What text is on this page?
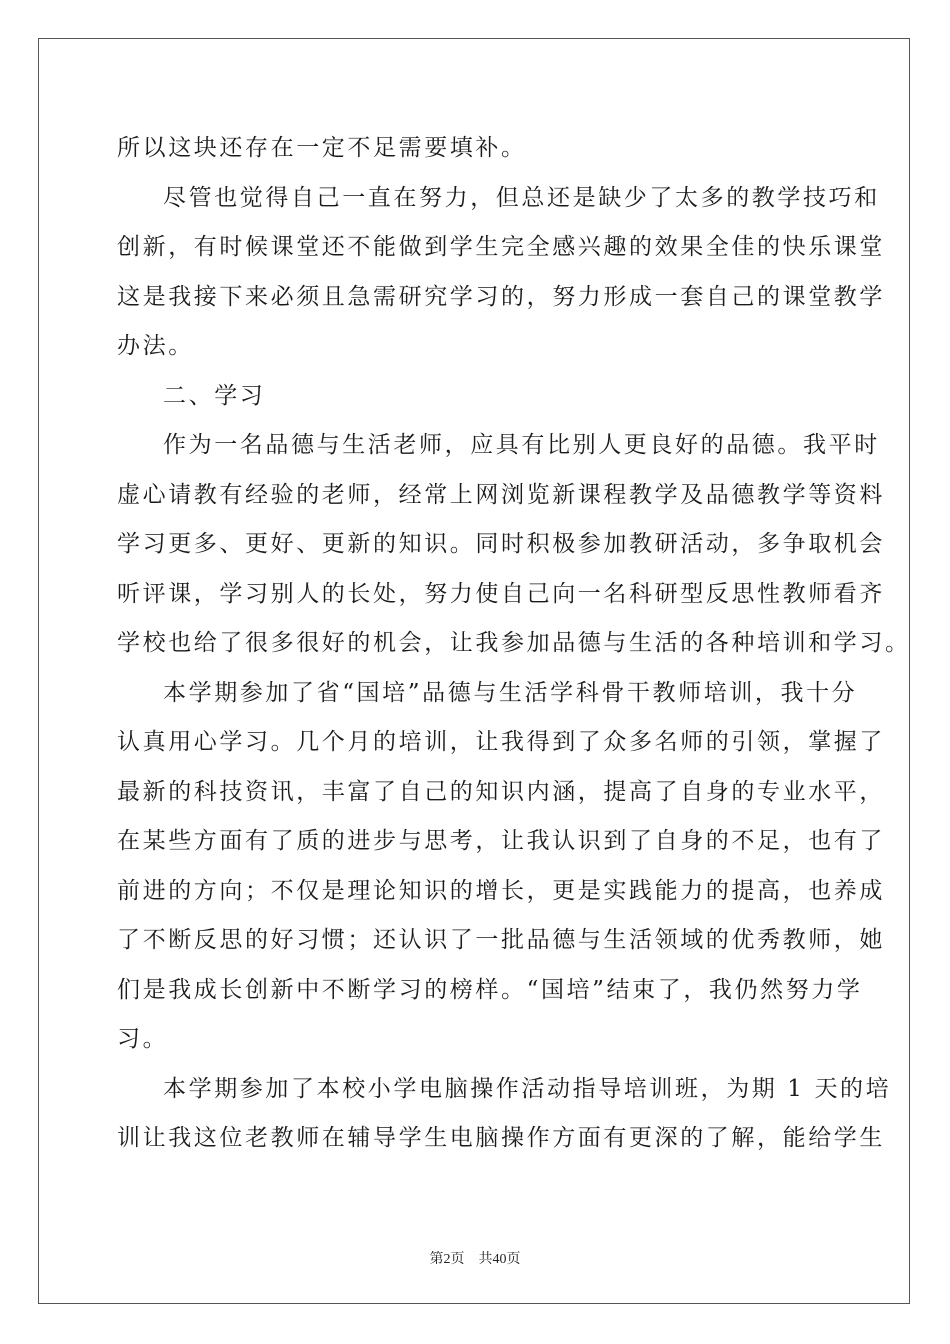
所以这块还存在一定不足需要填补。
尽管也觉得自己一直在努力，但总还是缺少了太多的教学技巧和
创新，有时候课堂还不能做到学生完全感兴趣的效果全佳的快乐课堂
这是我接下来必须且急需研究学习的，努力形成一套自己的课堂教学
办法。
二、学习
作为一名品德与生活老师，应具有比别人更良好的品德。我平时
虚心请教有经验的老师，经常上网浏览新课程教学及品德教学等资料
学习更多、更好、更新的知识。同时积极参加教研活动，多争取机会
听评课，学习别人的长处，努力使自己向一名科研型反思性教师看齐
学校也给了很多很好的机会，让我参加品德与生活的各种培训和学习。
本学期参加了省“国培”品德与生活学科骨干教师培训，我十分
认真用心学习。几个月的培训，让我得到了众多名师的引领，掌握了
最新的科技资讯，丰富了自己的知识内涵，提高了自身的专业水平，
在某些方面有了质的进步与思考，让我认识到了自身的不足，也有了
前进的方向；不仅是理论知识的增长，更是实践能力的提高，也养成
了不断反思的好习惯；还认识了一批品德与生活领域的优秀教师，她
们是我成长创新中不断学习的榜样。“国培”结束了，我仍然努力学
习。
本学期参加了本校小学电脑操作活动指导培训班，为期 1 天的培
训让我这位老教师在辅导学生电脑操作方面有更深的了解，能给学生
第2页 共40页
